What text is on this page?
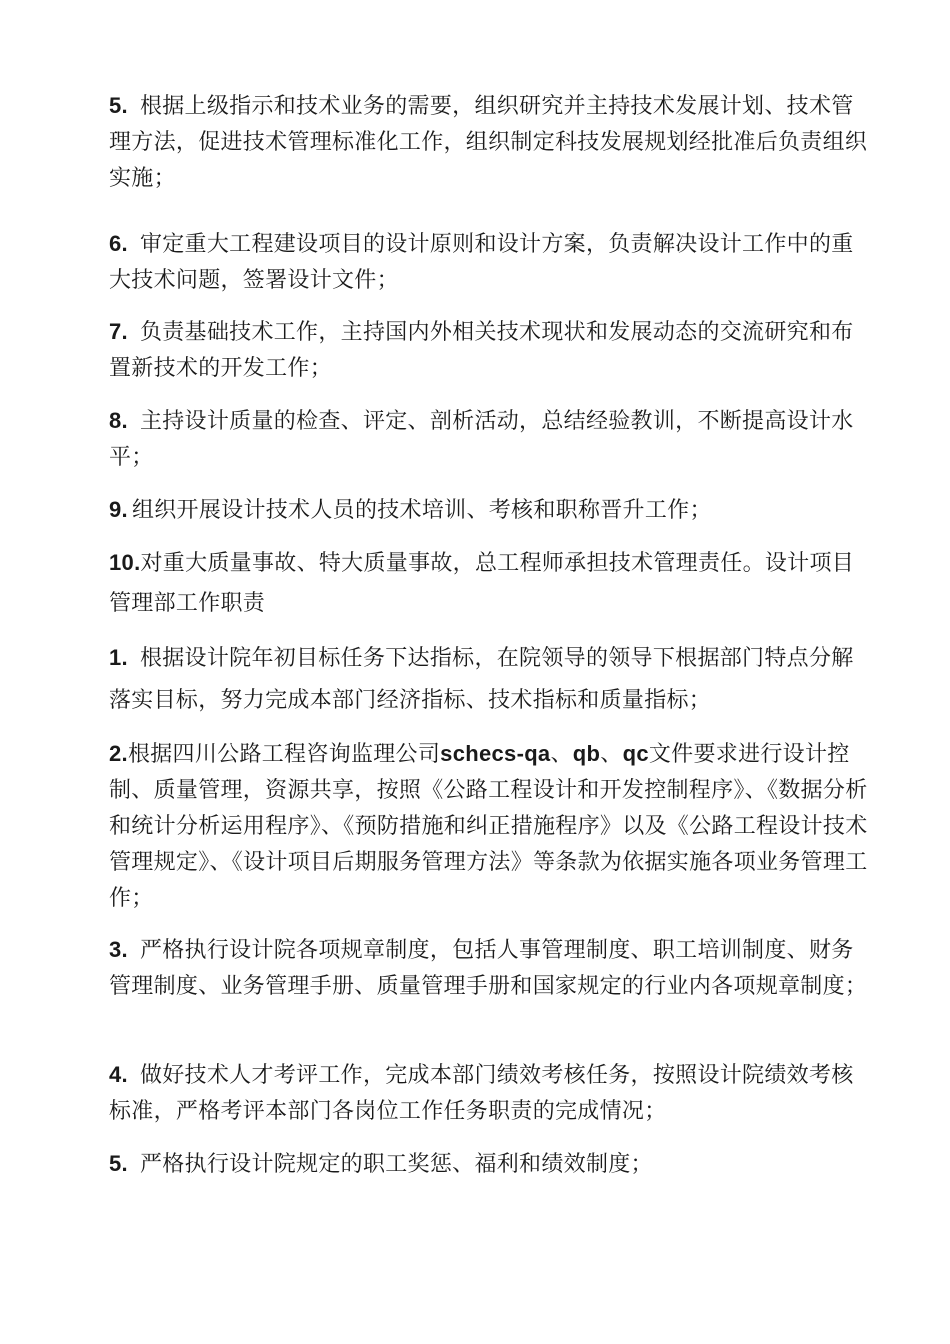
5. 根据上级指示和技术业务的需要，组织研究并主持技术发展计划、技术管理方法，促进技术管理标准化工作，组织制定科技发展规划经批准后负责组织实施；

6. 审定重大工程建设项目的设计原则和设计方案，负责解决设计工作中的重大技术问题，签署设计文件；

7. 负责基础技术工作，主持国内外相关技术现状和发展动态的交流研究和布置新技术的开发工作；

8. 主持设计质量的检查、评定、剖析活动，总结经验教训，不断提高设计水平；

9. 组织开展设计技术人员的技术培训、考核和职称晋升工作；

10.对重大质量事故、特大质量事故，总工程师承担技术管理责任。设计项目管理部工作职责

1. 根据设计院年初目标任务下达指标，在院领导的领导下根据部门特点分解落实目标，努力完成本部门经济指标、技术指标和质量指标；

2.根据四川公路工程咨询监理公司schecs-qa、qb、qc文件要求进行设计控制、质量管理，资源共享，按照《公路工程设计和开发控制程序》、《数据分析和统计分析运用程序》、《预防措施和纠正措施程序》以及《公路工程设计技术管理规定》、《设计项目后期服务管理方法》等条款为依据实施各项业务管理工作；

3. 严格执行设计院各项规章制度，包括人事管理制度、职工培训制度、财务管理制度、业务管理手册、质量管理手册和国家规定的行业内各项规章制度；

4. 做好技术人才考评工作，完成本部门绩效考核任务，按照设计院绩效考核标准，严格考评本部门各岗位工作任务职责的完成情况；

5. 严格执行设计院规定的职工奖惩、福利和绩效制度；
